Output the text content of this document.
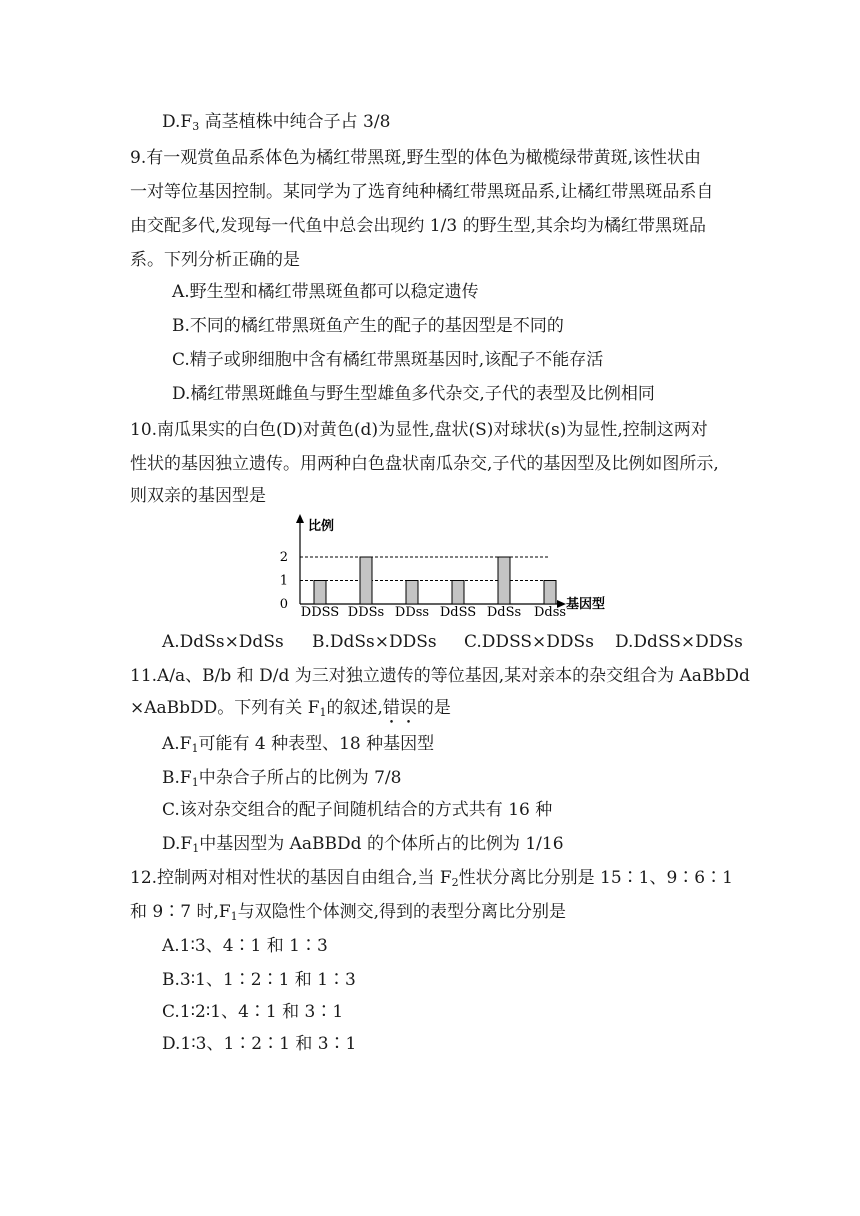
$D.F_3$ 高茎植株中纯合子占 3/8
9.有一观赏鱼品系体色为橘红带黑斑,野生型的体色为橄榄绿带黄斑,该性状由
一对等位基因控制。某同学为了选育纯种橘红带黑斑品系,让橘红带黑斑品系自
由交配多代,发现每一代鱼中总会出现约 1/3 的野生型,其余均为橘红带黑斑品
系。下列分析正确的是
A.野生型和橘红带黑斑鱼都可以稳定遗传
B.不同的橘红带黑斑鱼产生的配子的基因型是不同的
C.精子或卵细胞中含有橘红带黑斑基因时,该配子不能存活
D.橘红带黑斑雌鱼与野生型雄鱼多代杂交,子代的表型及比例相同
10.南瓜果实的白色(D)对黄色(d)为显性,盘状(S)对球状(s)为显性,控制这两对
性状的基因独立遗传。用两种白色盘状南瓜杂交,子代的基因型及比例如图所示,
则双亲的基因型是
比例
基因型
0
1
2
DDSS DDSs DDss DdSS DdSs Ddss
A.DdSs×DdSs B.DdSs×DDSs C.DDSS×DDSs D.DdSS×DDSs
11.A/a、B/b 和 D/d 为三对独立遗传的等位基因,某对亲本的杂交组合为 AaBbDd
×AaBbDD。下列有关 $F_1$的叙述,错误的是
$A.F_1$可能有 4 种表型、18 种基因型
$B.F_1$中杂合子所占的比例为 7/8
C.该对杂交组合的配子间随机结合的方式共有 16 种
$D.F_1$中基因型为 AaBBDd 的个体所占的比例为 1/16
12.控制两对相对性状的基因自由组合,当 $F_2$性状分离比分别是 15∶1、9∶6∶1
和 9∶7 时$,F_1$与双隐性个体测交,得到的表型分离比分别是
A.1∶3、4∶1 和 1∶3
B.3∶1、1∶2∶1 和 1∶3
C.1∶2∶1、4∶1 和 3∶1
D.1∶3、1∶2∶1 和 3∶1
